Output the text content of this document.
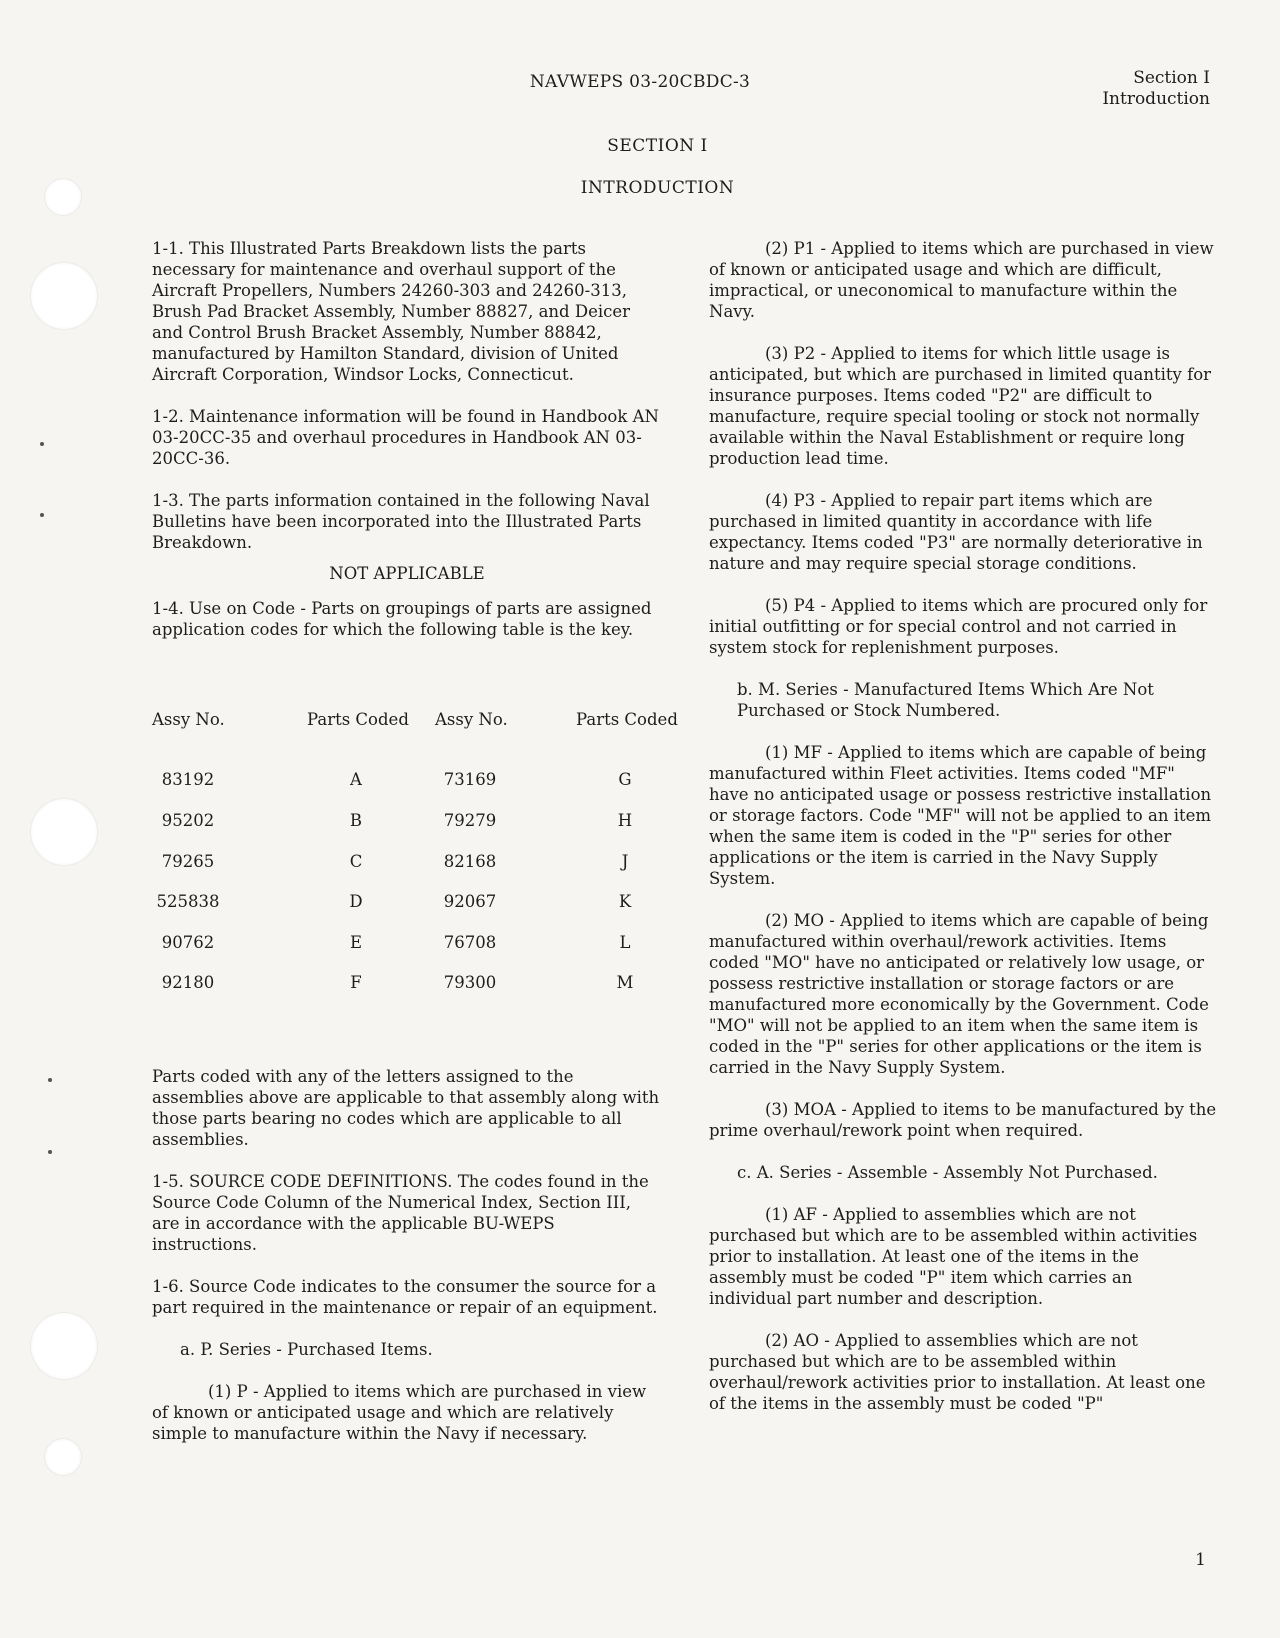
NAVWEPS 03-20CBDC-3	Section I
Introduction
SECTION I
INTRODUCTION

1-1. This Illustrated Parts Breakdown lists the parts necessary for maintenance and overhaul support of the Aircraft Propellers, Numbers 24260-303 and 24260-313, Brush Pad Bracket Assembly, Number 88827, and Deicer and Control Brush Bracket Assembly, Number 88842, manufactured by Hamilton Standard, division of United Aircraft Corporation, Windsor Locks, Connecticut.

1-2. Maintenance information will be found in Handbook AN 03-20CC-35 and overhaul procedures in Handbook AN 03-20CC-36.

1-3. The parts information contained in the following Naval Bulletins have been incorporated into the Illustrated Parts Breakdown.

NOT APPLICABLE

1-4. Use on Code - Parts on groupings of parts are assigned application codes for which the following table is the key.

Assy No.	Parts Coded Assy No.	Parts Coded
83192	A	73169	G
95202	B	79279	H
79265	C	82168	J
525838	D	92067	K
90762	E	76708	L
92180	F	79300	M

Parts coded with any of the letters assigned to the assemblies above are applicable to that assembly along with those parts bearing no codes which are applicable to all assemblies.

1-5. SOURCE CODE DEFINITIONS. The codes found in the Source Code Column of the Numerical Index, Section III, are in accordance with the applicable BU-WEPS instructions.

1-6. Source Code indicates to the consumer the source for a part required in the maintenance or repair of an equipment.

a. P. Series - Purchased Items.

(1) P - Applied to items which are purchased in view of known or anticipated usage and which are relatively simple to manufacture within the Navy if necessary.

(2) P1 - Applied to items which are purchased in view of known or anticipated usage and which are difficult, impractical, or uneconomical to manufacture within the Navy.

(3) P2 - Applied to items for which little usage is anticipated, but which are purchased in limited quantity for insurance purposes. Items coded "P2" are difficult to manufacture, require special tooling or stock not normally available within the Naval Establishment or require long production lead time.

(4) P3 - Applied to repair part items which are purchased in limited quantity in accordance with life expectancy. Items coded "P3" are normally deteriorative in nature and may require special storage conditions.

(5) P4 - Applied to items which are procured only for initial outfitting or for special control and not carried in system stock for replenishment purposes.

b. M. Series - Manufactured Items Which Are Not Purchased or Stock Numbered.

(1) MF - Applied to items which are capable of being manufactured within Fleet activities. Items coded "MF" have no anticipated usage or possess restrictive installation or storage factors. Code "MF" will not be applied to an item when the same item is coded in the "P" series for other applications or the item is carried in the Navy Supply System.

(2) MO - Applied to items which are capable of being manufactured within overhaul/rework activities. Items coded "MO" have no anticipated or relatively low usage, or possess restrictive installation or storage factors or are manufactured more economically by the Government. Code "MO" will not be applied to an item when the same item is coded in the "P" series for other applications or the item is carried in the Navy Supply System.

(3) MOA - Applied to items to be manufactured by the prime overhaul/rework point when required.

c. A. Series - Assemble - Assembly Not Purchased.

(1) AF - Applied to assemblies which are not purchased but which are to be assembled within activities prior to installation. At least one of the items in the assembly must be coded "P" item which carries an individual part number and description.

(2) AO - Applied to assemblies which are not purchased but which are to be assembled within overhaul/rework activities prior to installation. At least one of the items in the assembly must be coded "P"

1
